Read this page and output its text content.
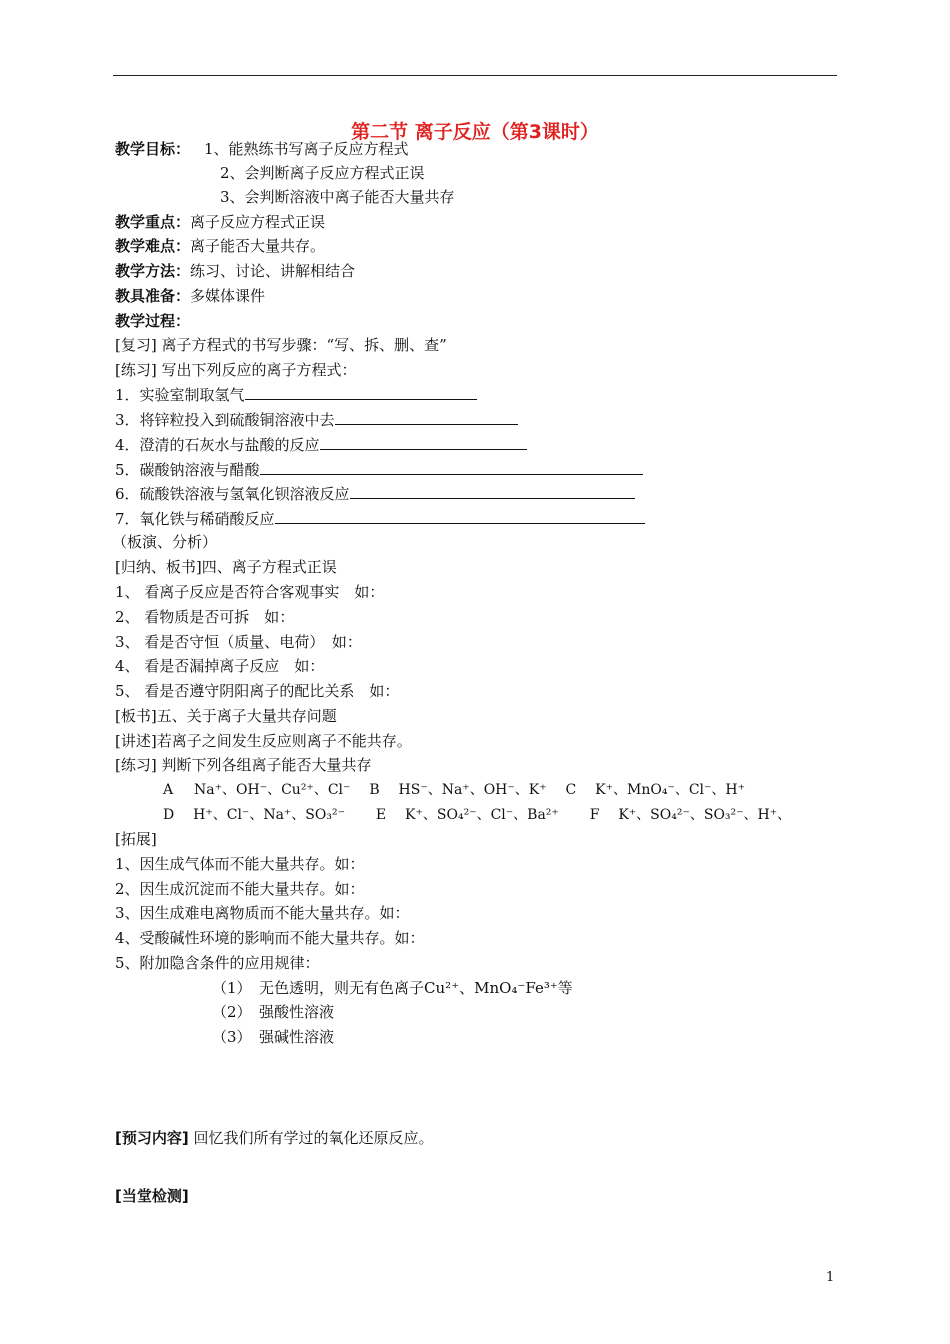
第二节 离子反应（第3课时）
教学目标： 1、能熟练书写离子反应方程式
2、会判断离子反应方程式正误
3、会判断溶液中离子能否大量共存
教学重点：离子反应方程式正误
教学难点：离子能否大量共存。
教学方法：练习、讨论、讲解相结合
教具准备：多媒体课件
教学过程：
[复习] 离子方程式的书写步骤：“写、拆、删、查”
[练习] 写出下列反应的离子方程式：
1．实验室制取氢气
3．将锌粒投入到硫酸铜溶液中去
4．澄清的石灰水与盐酸的反应
5．碳酸钠溶液与醋酸
6．硫酸铁溶液与氢氧化钡溶液反应
7．氧化铁与稀硝酸反应
（板演、分析）
[归纳、板书]四、离子方程式正误
1、 看离子反应是否符合客观事实　如：
2、 看物质是否可拆　如：
3、 看是否守恒（质量、电荷）　如：
4、 看是否漏掉离子反应　如：
5、 看是否遵守阴阳离子的配比关系　如：
[板书]五、关于离子大量共存问题
[讲述]若离子之间发生反应则离子不能共存。
[练习] 判断下列各组离子能否大量共存
A Na⁺、OH⁻、Cu²⁺、Cl⁻ B HS⁻、Na⁺、OH⁻、K⁺ C K⁺、MnO₄⁻、Cl⁻、H⁺
D H⁺、Cl⁻、Na⁺、SO₃²⁻ E K⁺、SO₄²⁻、Cl⁻、Ba²⁺ F K⁺、SO₄²⁻、SO₃²⁻、H⁺、
[拓展]
1、因生成气体而不能大量共存。如：
2、因生成沉淀而不能大量共存。如：
3、因生成难电离物质而不能大量共存。如：
4、受酸碱性环境的影响而不能大量共存。如：
5、附加隐含条件的应用规律：
（1）　无色透明，则无有色离子Cu²⁺、MnO₄⁻Fe³⁺等
（2）　强酸性溶液
（3）　强碱性溶液
[预习内容] 回忆我们所有学过的氧化还原反应。
[当堂检测]
1
